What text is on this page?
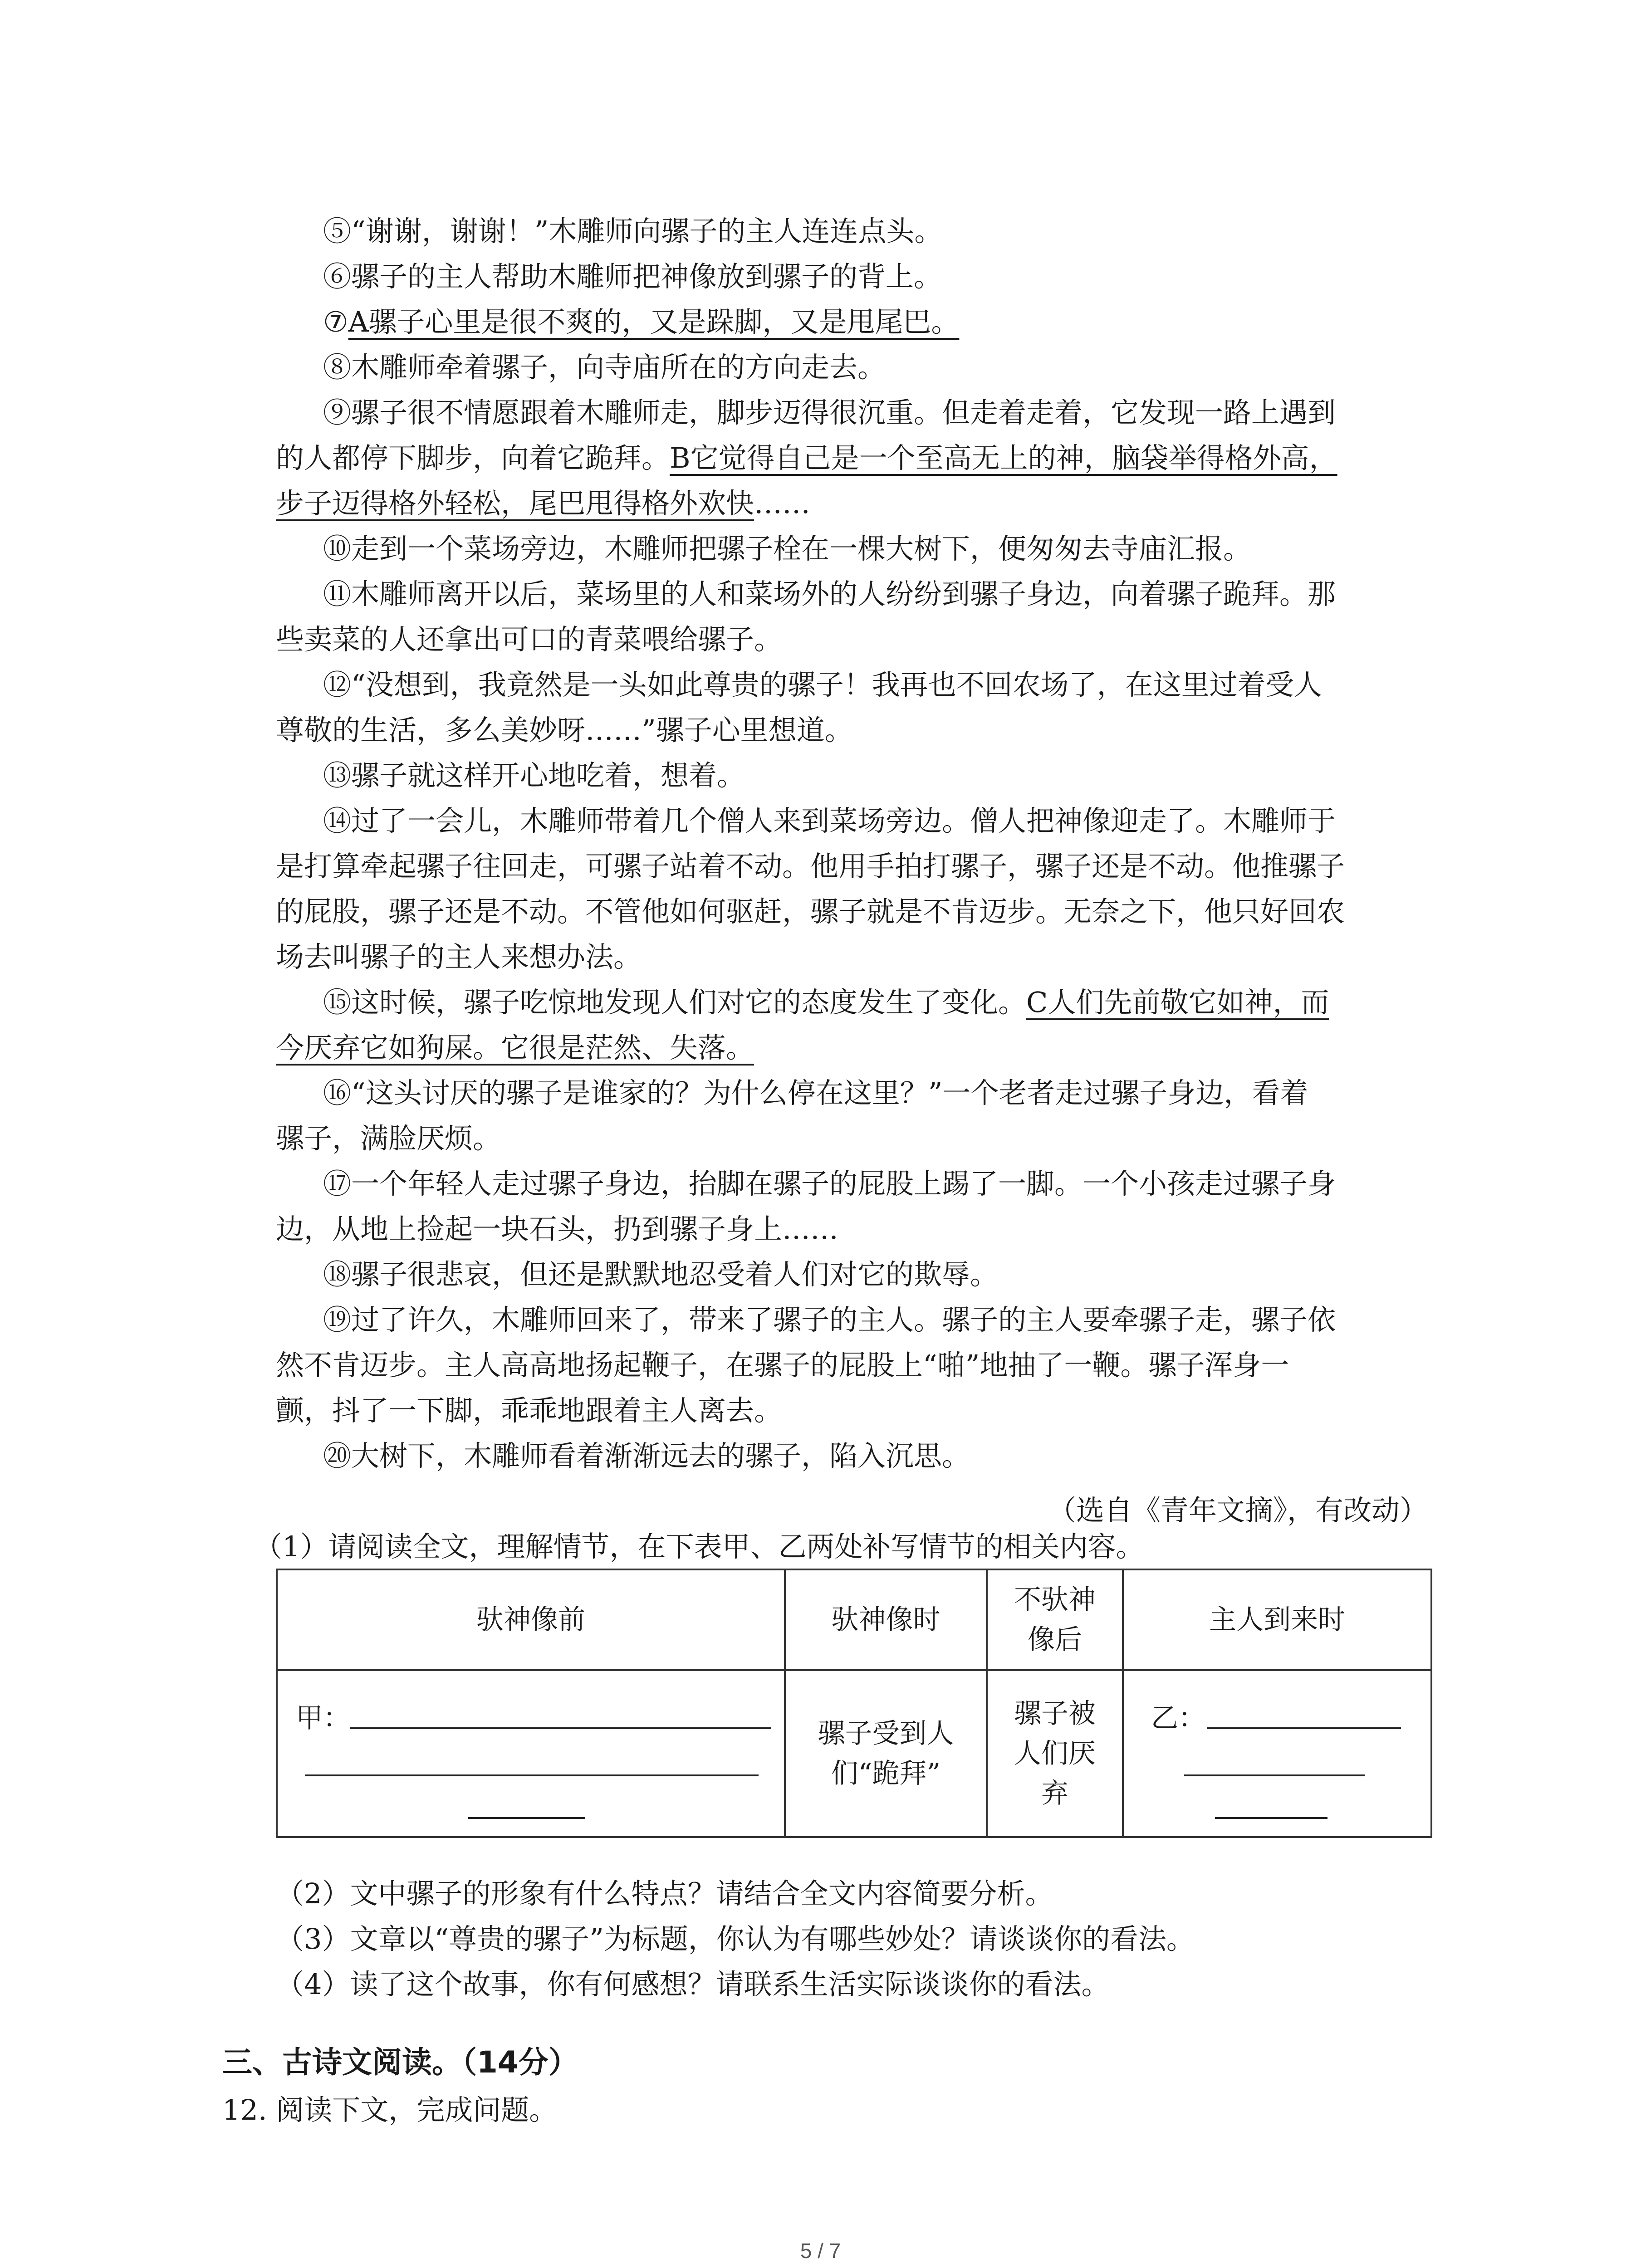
⑤“谢谢，谢谢！”木雕师向骡子的主人连连点头。
⑥骡子的主人帮助木雕师把神像放到骡子的背上。
⑦A骡子心里是很不爽的，又是跺脚，又是甩尾巴。
⑧木雕师牵着骡子，向寺庙所在的方向走去。
⑨骡子很不情愿跟着木雕师走，脚步迈得很沉重。但走着走着，它发现一路上遇到
的人都停下脚步，向着它跪拜。B它觉得自己是一个至高无上的神，脑袋举得格外高，
步子迈得格外轻松，尾巴甩得格外欢快……
⑩走到一个菜场旁边，木雕师把骡子栓在一棵大树下，便匆匆去寺庙汇报。
⑪木雕师离开以后，菜场里的人和菜场外的人纷纷到骡子身边，向着骡子跪拜。那
些卖菜的人还拿出可口的青菜喂给骡子。
⑫“没想到，我竟然是一头如此尊贵的骡子！我再也不回农场了，在这里过着受人
尊敬的生活，多么美妙呀……”骡子心里想道。
⑬骡子就这样开心地吃着，想着。
⑭过了一会儿，木雕师带着几个僧人来到菜场旁边。僧人把神像迎走了。木雕师于
是打算牵起骡子往回走，可骡子站着不动。他用手拍打骡子，骡子还是不动。他推骡子
的屁股，骡子还是不动。不管他如何驱赶，骡子就是不肯迈步。无奈之下，他只好回农
场去叫骡子的主人来想办法。
⑮这时候，骡子吃惊地发现人们对它的态度发生了变化。C人们先前敬它如神，而
今厌弃它如狗屎。它很是茫然、失落。
⑯“这头讨厌的骡子是谁家的？为什么停在这里？”一个老者走过骡子身边，看着
骡子，满脸厌烦。
⑰一个年轻人走过骡子身边，抬脚在骡子的屁股上踢了一脚。一个小孩走过骡子身
边，从地上捡起一块石头，扔到骡子身上……
⑱骡子很悲哀，但还是默默地忍受着人们对它的欺辱。
⑲过了许久，木雕师回来了，带来了骡子的主人。骡子的主人要牵骡子走，骡子依
然不肯迈步。主人高高地扬起鞭子，在骡子的屁股上“啪”地抽了一鞭。骡子浑身一
颤，抖了一下脚，乖乖地跟着主人离去。
⑳大树下，木雕师看着渐渐远去的骡子，陷入沉思。
（选自《青年文摘》，有改动）
（1）请阅读全文，理解情节，在下表甲、乙两处补写情节的相关内容。
驮神像前	驮神像时	不驮神像后	主人到来时

甲：	骡子受到人们“跪拜”	骡子被人们厌弃	乙：
（2）文中骡子的形象有什么特点？请结合全文内容简要分析。
（3）文章以“尊贵的骡子”为标题，你认为有哪些妙处？请谈谈你的看法。
（4）读了这个故事，你有何感想？请联系生活实际谈谈你的看法。
三、古诗文阅读。（14分）
12. 阅读下文，完成问题。
5 / 7
